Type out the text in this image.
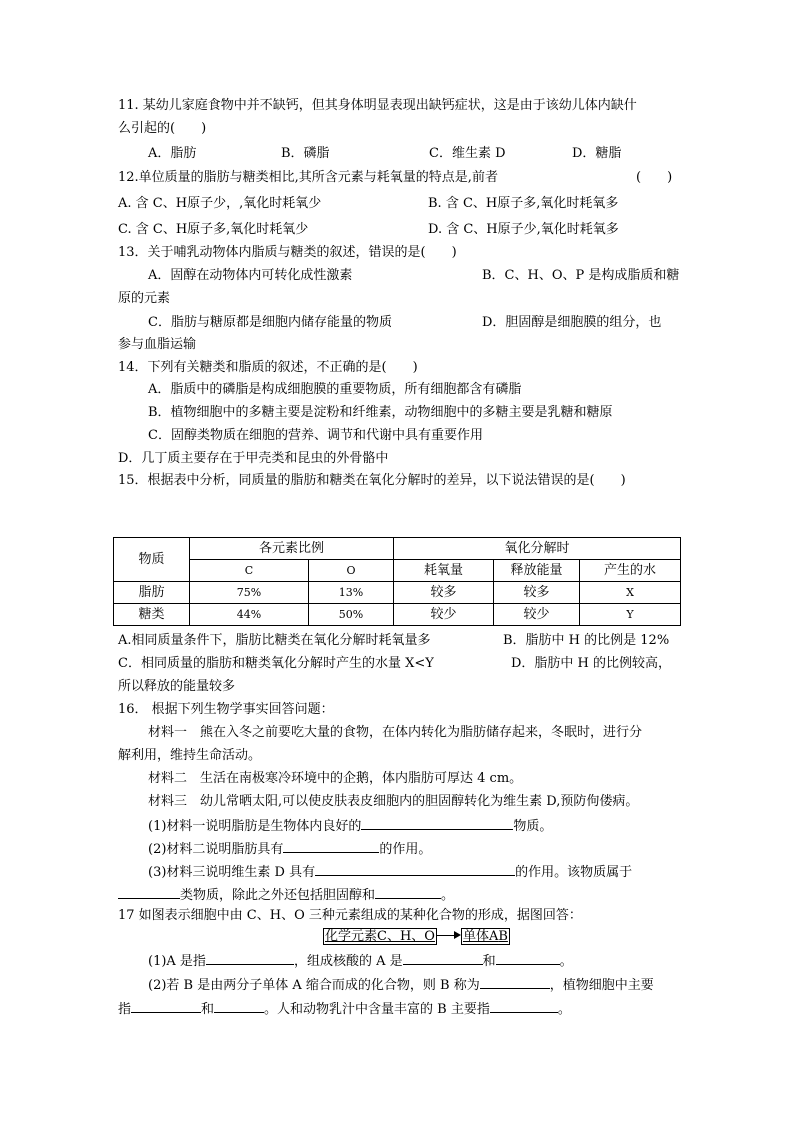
11. 某幼儿家庭食物中并不缺钙，但其身体明显表现出缺钙症状，这是由于该幼儿体内缺什
么引起的(　　)
A．脂肪	B．磷脂	C．维生素 D	D．糖脂
12.单位质量的脂肪与糖类相比,其所含元素与耗氧量的特点是,前者	(　　)
A. 含 C、H原子少，,氧化时耗氧少	B. 含 C、H原子多,氧化时耗氧多
C. 含 C、H原子多,氧化时耗氧少	D. 含 C、H原子少,氧化时耗氧多
13．关于哺乳动物体内脂质与糖类的叙述，错误的是(　　)
A．固醇在动物体内可转化成性激素	B．C、H、O、P 是构成脂质和糖
原的元素
C．脂肪与糖原都是细胞内储存能量的物质	D．胆固醇是细胞膜的组分，也
参与血脂运输
14．下列有关糖类和脂质的叙述，不正确的是(　　)
A．脂质中的磷脂是构成细胞膜的重要物质，所有细胞都含有磷脂
B．植物细胞中的多糖主要是淀粉和纤维素，动物细胞中的多糖主要是乳糖和糖原
C．固醇类物质在细胞的营养、调节和代谢中具有重要作用
D．几丁质主要存在于甲壳类和昆虫的外骨骼中
15．根据表中分析，同质量的脂肪和糖类在氧化分解时的差异，以下说法错误的是(　　)
物质	各元素比例		氧化分解时		
	C	O	耗氧量	释放能量	产生的水
脂肪	75%	13%	较多	较多	X
糖类	44%	50%	较少	较少	Y
A.相同质量条件下，脂肪比糖类在氧化分解时耗氧量多	B．脂肪中 H 的比例是 12%
C．相同质量的脂肪和糖类氧化分解时产生的水量 X<Y	D．脂肪中 H 的比例较高，
所以释放的能量较多
16． 根据下列生物学事实回答问题：
材料一　熊在入冬之前要吃大量的食物，在体内转化为脂肪储存起来，冬眠时，进行分
解利用，维持生命活动。
材料二　生活在南极寒冷环境中的企鹅，体内脂肪可厚达 4 cm。
材料三　幼儿常晒太阳,可以使皮肤表皮细胞内的胆固醇转化为维生素 D,预防佝偻病。
(1)材料一说明脂肪是生物体内良好的	物质。
(2)材料二说明脂肪具有	的作用。
(3)材料三说明维生素 D 具有	的作用。该物质属于
类物质，除此之外还包括胆固醇和	。
17 如图表示细胞中由 C、H、O 三种元素组成的某种化合物的形成，据图回答：
化学元素C、H、O 单体AB
(1)A 是指	，组成核酸的 A 是	和	。
(2)若 B 是由两分子单体 A 缩合而成的化合物，则 B 称为	，植物细胞中主要
指	和	。人和动物乳汁中含量丰富的 B 主要指	。
